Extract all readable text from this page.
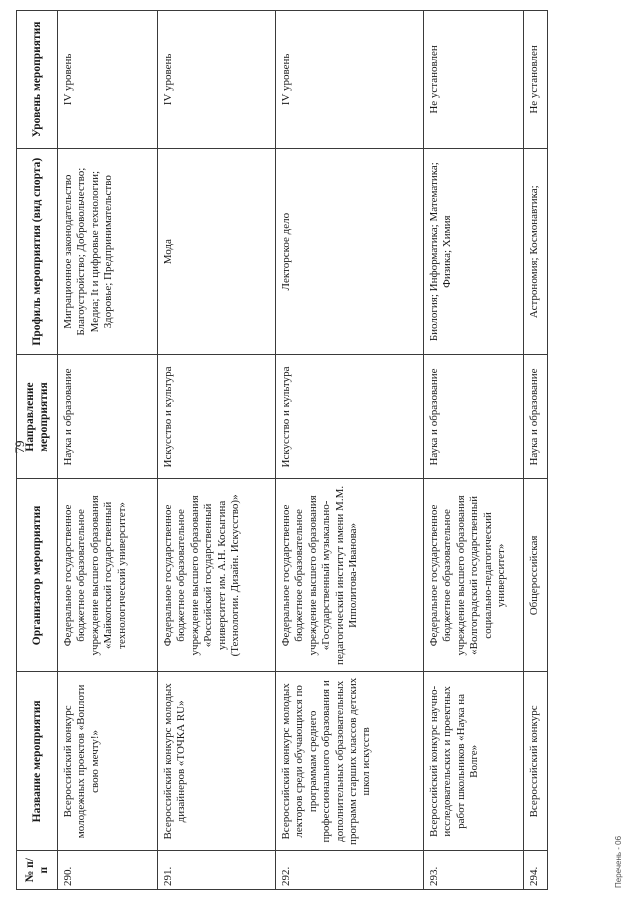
79
№ п/п	Название мероприятия	Организатор мероприятия	Направление мероприятия	Профиль мероприятия (вид спорта)	Уровень мероприятия
290.	Всероссийский конкурс молодежных проектов «Воплоти свою мечту!»	Федеральное государственное бюджетное образовательное учреждение высшего образования «Майкопский государственный технологический университет»	Наука и образование	Миграционное законодательство Благоустройство; Добровольчество; Медиа; It и цифровые технологии; Здоровье; Предпринимательство	IV уровень
291.	Всероссийский конкурс молодых дизайнеров «ТОЧКА RU»	Федеральное государственное бюджетное образовательное учреждение высшего образования «Российский государственный университет им. А.Н. Косыгина (Технологии. Дизайн. Искусство)»	Искусство и культура	Мода	IV уровень
292.	Всероссийский конкурс молодых лекторов среди обучающихся по программам среднего профессионального образования и дополнительных образовательных программ старших классов детских школ искусств	Федеральное государственное бюджетное образовательное учреждение высшего образования «Государственный музыкально-педагогический институт имени М.М. Ипполитова-Иванова»	Искусство и культура	Лекторское дело	IV уровень
293.	Всероссийский конкурс научно-исследовательских и проектных работ школьников «Наука на Волге»	Федеральное государственное бюджетное образовательное учреждение высшего образования «Волгоградский государственный социально-педагогический университет»	Наука и образование	Биология; Информатика; Математика; Физика; Химия	Не установлен
294.	Всероссийский конкурс	Общероссийская	Наука и образование	Астрономия; Космонавтика;	Не установлен
Перечень - 06
